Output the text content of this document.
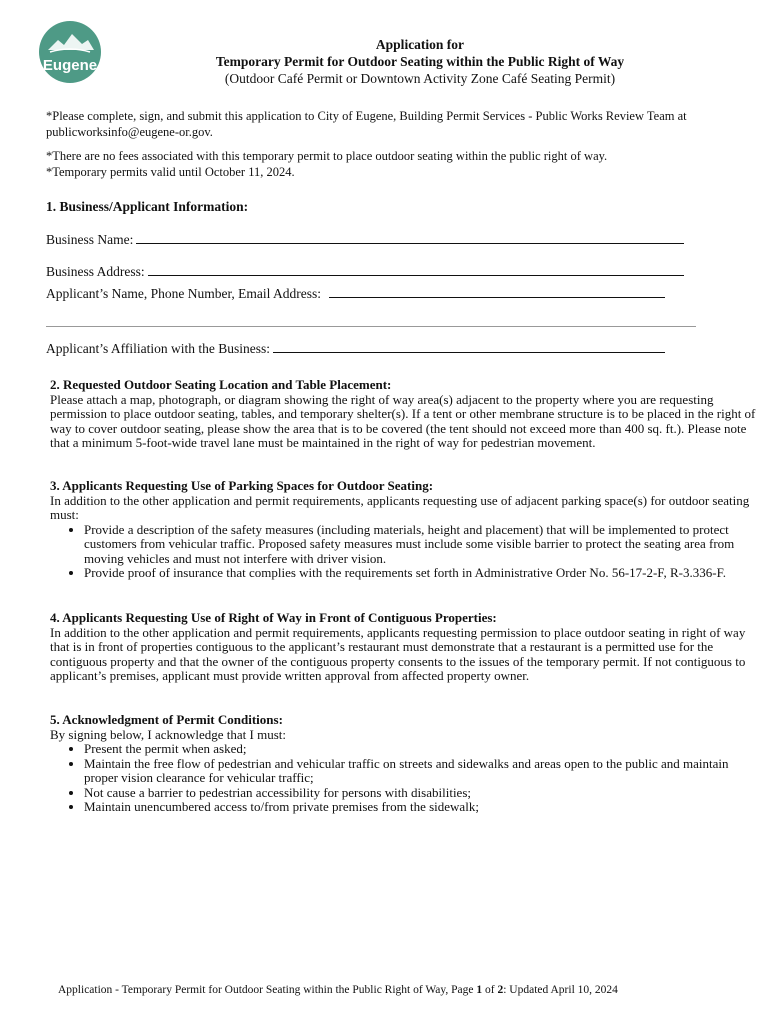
Eugene
Application for
Temporary Permit for Outdoor Seating within the Public Right of Way
(Outdoor Café Permit or Downtown Activity Zone Café Seating Permit)
*Please complete, sign, and submit this application to City of Eugene, Building Permit Services - Public Works Review Team at publicworksinfo@eugene-or.gov.
*There are no fees associated with this temporary permit to place outdoor seating within the public right of way.
*Temporary permits valid until October 11, 2024.
1. Business/Applicant Information:
Business Name:
Business Address:
Applicant’s Name, Phone Number, Email Address:
Applicant’s Affiliation with the Business:
2. Requested Outdoor Seating Location and Table Placement:
Please attach a map, photograph, or diagram showing the right of way area(s) adjacent to the property where you are requesting permission to place outdoor seating, tables, and temporary shelter(s). If a tent or other membrane structure is to be placed in the right of way to cover outdoor seating, please show the area that is to be covered (the tent should not exceed more than 400 sq. ft.). Please note that a minimum 5-foot-wide travel lane must be maintained in the right of way for pedestrian movement.
3. Applicants Requesting Use of Parking Spaces for Outdoor Seating:
In addition to the other application and permit requirements, applicants requesting use of adjacent parking space(s) for outdoor seating must:
• Provide a description of the safety measures (including materials, height and placement) that will be implemented to protect customers from vehicular traffic. Proposed safety measures must include some visible barrier to protect the seating area from moving vehicles and must not interfere with driver vision.
• Provide proof of insurance that complies with the requirements set forth in Administrative Order No. 56-17-2-F, R-3.336-F.
4. Applicants Requesting Use of Right of Way in Front of Contiguous Properties:
In addition to the other application and permit requirements, applicants requesting permission to place outdoor seating in right of way that is in front of properties contiguous to the applicant’s restaurant must demonstrate that a restaurant is a permitted use for the contiguous property and that the owner of the contiguous property consents to the issues of the temporary permit. If not contiguous to applicant’s premises, applicant must provide written approval from affected property owner.
5. Acknowledgment of Permit Conditions:
By signing below, I acknowledge that I must:
• Present the permit when asked;
• Maintain the free flow of pedestrian and vehicular traffic on streets and sidewalks and areas open to the public and maintain proper vision clearance for vehicular traffic;
• Not cause a barrier to pedestrian accessibility for persons with disabilities;
• Maintain unencumbered access to/from private premises from the sidewalk;
Application - Temporary Permit for Outdoor Seating within the Public Right of Way, Page 1 of 2: Updated April 10, 2024
